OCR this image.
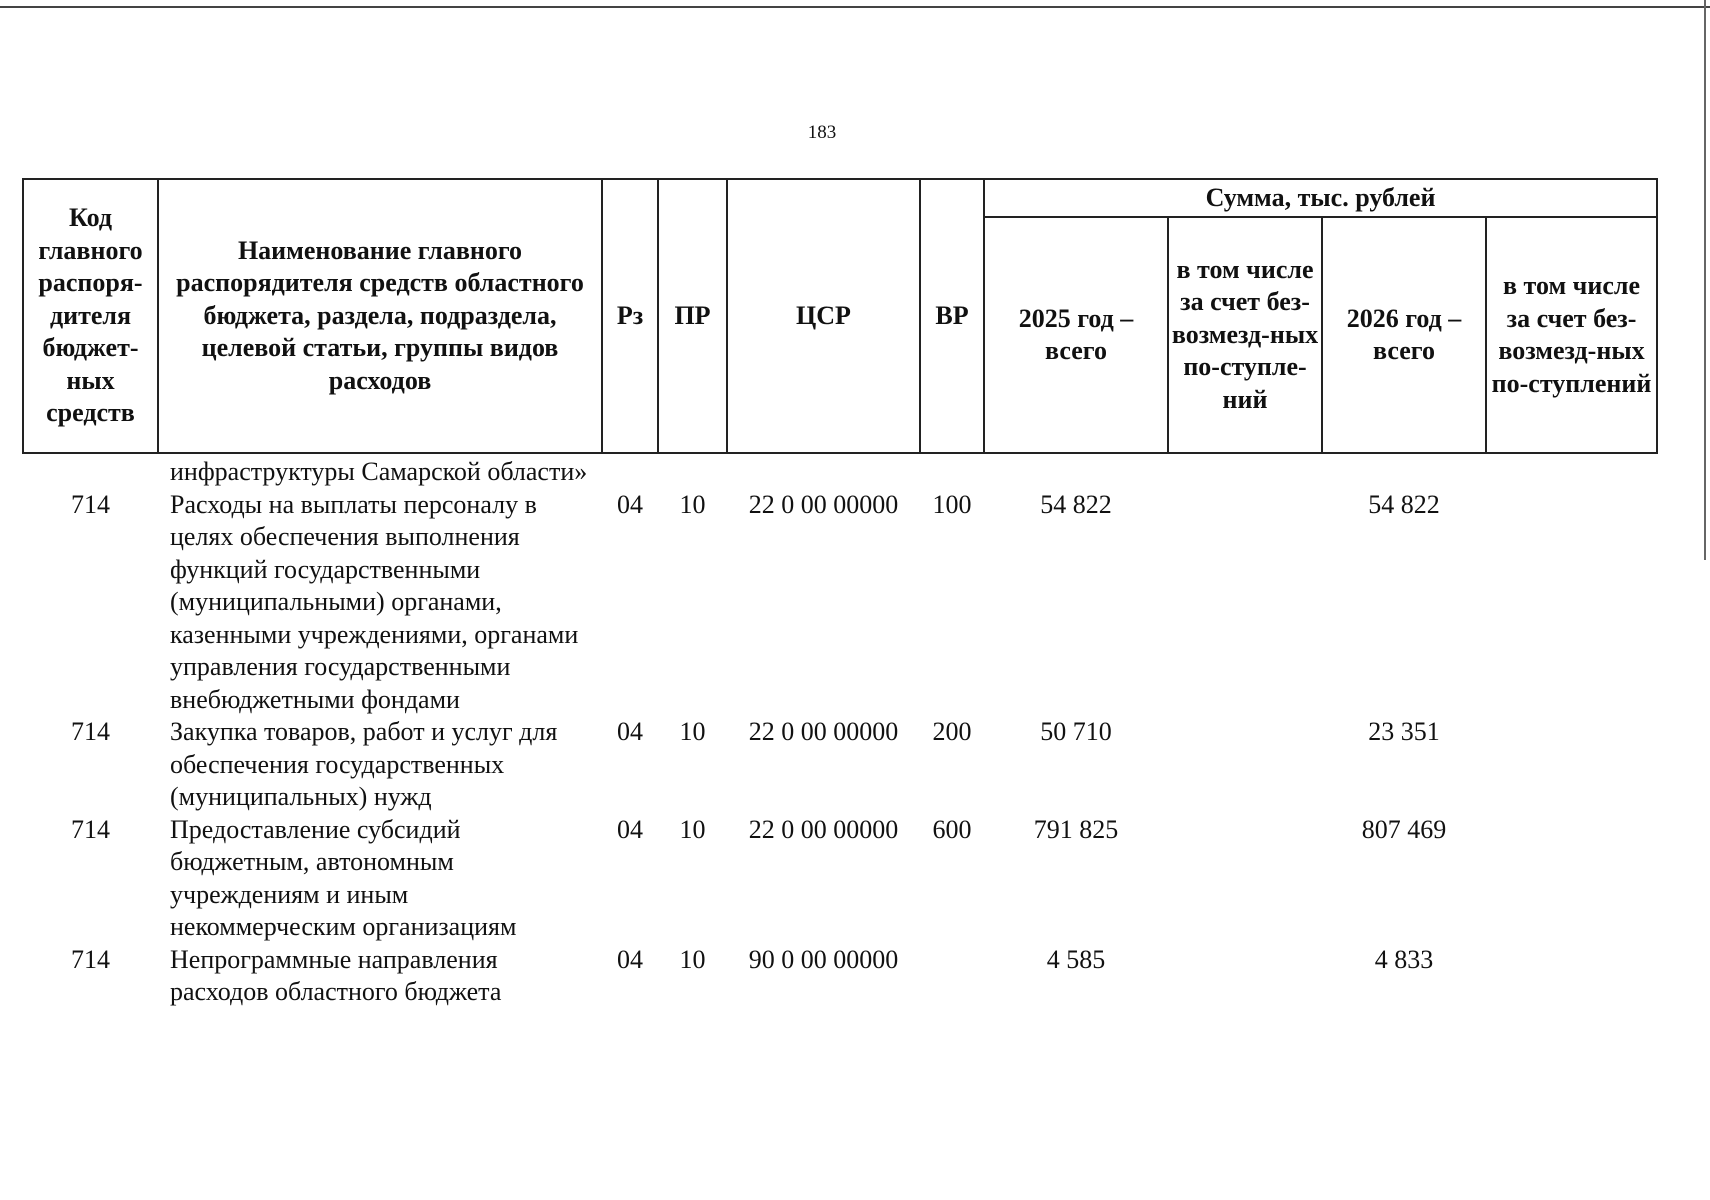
183
Код главного распоря-дителя бюджет-ных средств	Наименование главного распорядителя средств областного бюджета, раздела, подраздела, целевой статьи, группы видов расходов	Рз	ПР	ЦСР	ВР	Сумма, тыс. рублей			
						2025 год – всего	в том числе за счет без-возмезд-ных по-ступле-ний	2026 год – всего	в том числе за счет без-возмезд-ных по-ступлений
	инфраструктуры Самарской области»								
714	Расходы на выплаты персоналу в целях обеспечения выполнения функций государственными (муниципальными) органами, казенными учреждениями, органами управления государственными внебюджетными фондами	04	10	22 0 00 00000	100	54 822		54 822	
714	Закупка товаров, работ и услуг для обеспечения государственных (муниципальных) нужд	04	10	22 0 00 00000	200	50 710		23 351	
714	Предоставление субсидий бюджетным, автономным учреждениям и иным некоммерческим организациям	04	10	22 0 00 00000	600	791 825		807 469	
714	Непрограммные направления расходов областного бюджета	04	10	90 0 00 00000		4 585		4 833	
